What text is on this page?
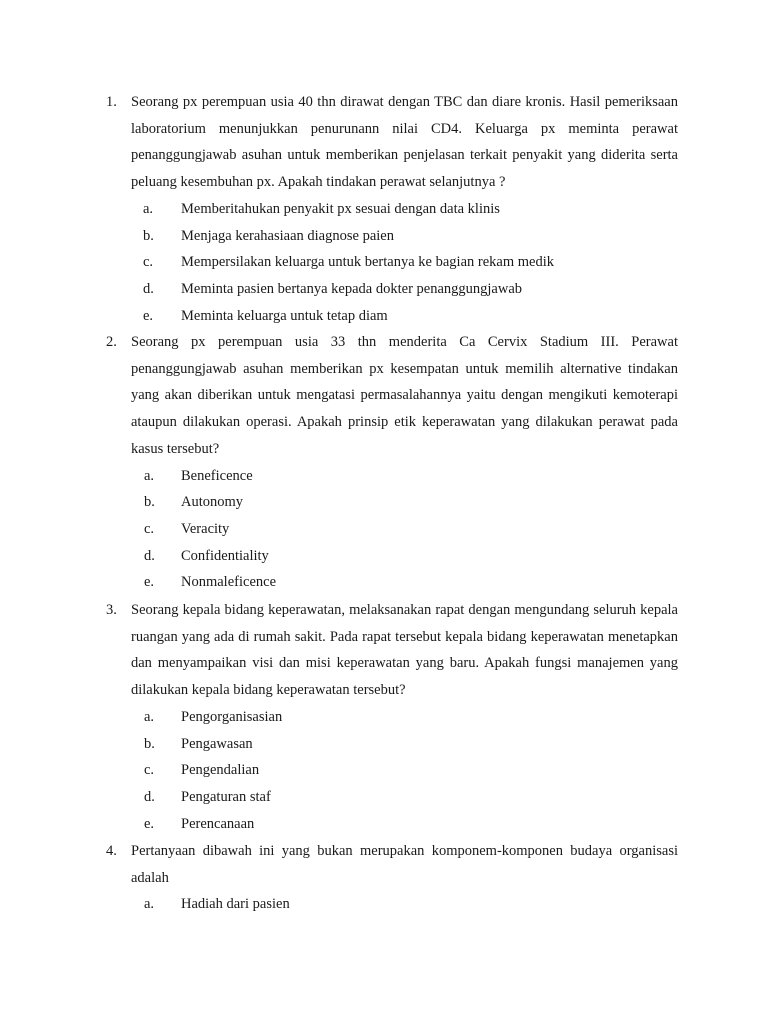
1. Seorang px perempuan usia 40 thn dirawat dengan TBC dan diare kronis. Hasil pemeriksaan laboratorium menunjukkan penurunann nilai CD4. Keluarga px meminta perawat penanggungjawab asuhan untuk memberikan penjelasan terkait penyakit yang diderita serta peluang kesembuhan px. Apakah tindakan perawat selanjutnya ?
a. Memberitahukan penyakit px sesuai dengan data klinis
b. Menjaga kerahasiaan diagnose paien
c. Mempersilakan keluarga untuk bertanya ke bagian rekam medik
d. Meminta pasien bertanya kepada dokter penanggungjawab
e. Meminta keluarga untuk tetap diam
2. Seorang px perempuan usia 33 thn menderita Ca Cervix Stadium III. Perawat penanggungjawab asuhan memberikan px kesempatan untuk memilih alternative tindakan yang akan diberikan untuk mengatasi permasalahannya yaitu dengan mengikuti kemoterapi ataupun dilakukan operasi. Apakah prinsip etik keperawatan yang dilakukan perawat pada kasus tersebut?
a. Beneficence
b. Autonomy
c. Veracity
d. Confidentiality
e. Nonmaleficence
3. Seorang kepala bidang keperawatan, melaksanakan rapat dengan mengundang seluruh kepala ruangan yang ada di rumah sakit. Pada rapat tersebut kepala bidang keperawatan menetapkan dan menyampaikan visi dan misi keperawatan yang baru. Apakah fungsi manajemen yang dilakukan kepala bidang keperawatan tersebut?
a. Pengorganisasian
b. Pengawasan
c. Pengendalian
d. Pengaturan staf
e. Perencanaan
4. Pertanyaan dibawah ini yang bukan merupakan komponem-komponen budaya organisasi adalah
a. Hadiah dari pasien
